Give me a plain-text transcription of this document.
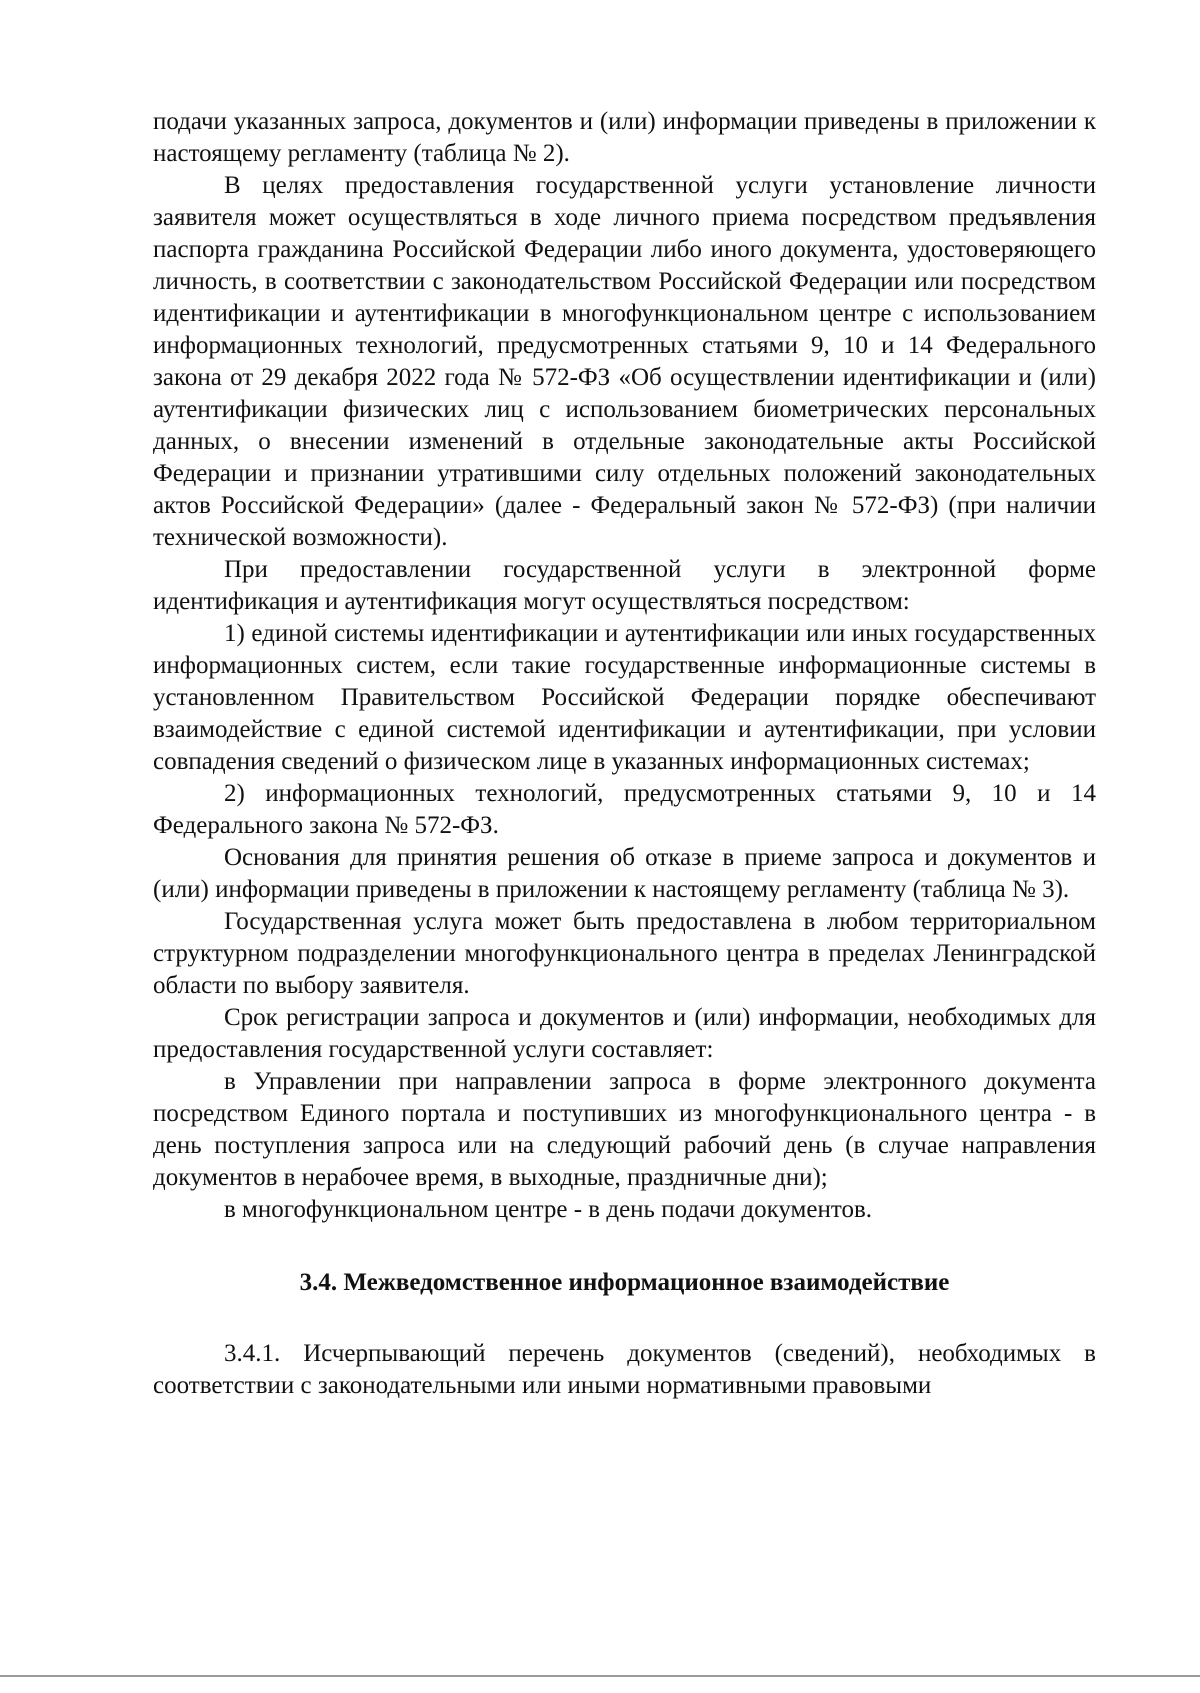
подачи указанных запроса, документов и (или) информации приведены в приложении к настоящему регламенту (таблица № 2).

В целях предоставления государственной услуги установление личности заявителя может осуществляться в ходе личного приема посредством предъявления паспорта гражданина Российской Федерации либо иного документа, удостоверяющего личность, в соответствии с законодательством Российской Федерации или посредством идентификации и аутентификации в многофункциональном центре с использованием информационных технологий, предусмотренных статьями 9, 10 и 14 Федерального закона от 29 декабря 2022 года № 572-ФЗ «Об осуществлении идентификации и (или) аутентификации физических лиц с использованием биометрических персональных данных, о внесении изменений в отдельные законодательные акты Российской Федерации и признании утратившими силу отдельных положений законодательных актов Российской Федерации» (далее - Федеральный закон № 572-ФЗ) (при наличии технической возможности).

При предоставлении государственной услуги в электронной форме идентификация и аутентификация могут осуществляться посредством:

1) единой системы идентификации и аутентификации или иных государственных информационных систем, если такие государственные информационные системы в установленном Правительством Российской Федерации порядке обеспечивают взаимодействие с единой системой идентификации и аутентификации, при условии совпадения сведений о физическом лице в указанных информационных системах;

2) информационных технологий, предусмотренных статьями 9, 10 и 14 Федерального закона № 572-ФЗ.

Основания для принятия решения об отказе в приеме запроса и документов и (или) информации приведены в приложении к настоящему регламенту (таблица № 3).

Государственная услуга может быть предоставлена в любом территориальном структурном подразделении многофункционального центра в пределах Ленинградской области по выбору заявителя.

Срок регистрации запроса и документов и (или) информации, необходимых для предоставления государственной услуги составляет:

в Управлении при направлении запроса в форме электронного документа посредством Единого портала и поступивших из многофункционального центра - в день поступления запроса или на следующий рабочий день (в случае направления документов в нерабочее время, в выходные, праздничные дни);

в многофункциональном центре - в день подачи документов.

3.4. Межведомственное информационное взаимодействие

3.4.1. Исчерпывающий перечень документов (сведений), необходимых в соответствии с законодательными или иными нормативными правовыми
